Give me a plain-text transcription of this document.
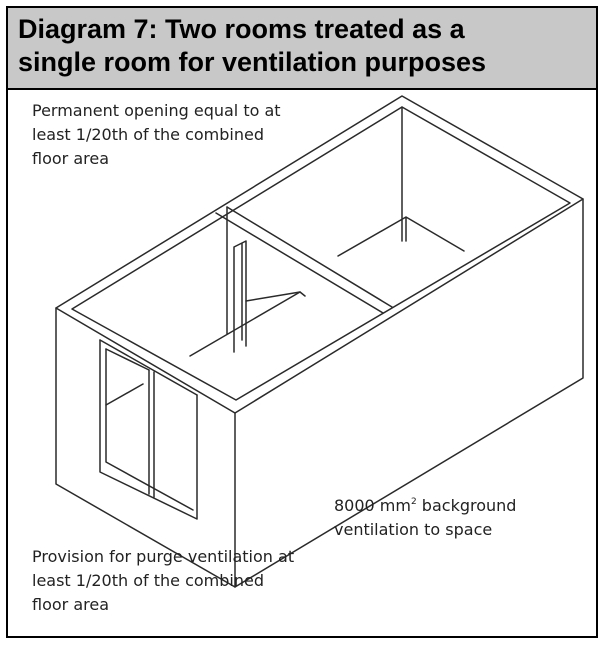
Diagram 7: Two rooms treated as a
single room for ventilation purposes
Permanent opening equal to at
least 1/20th of the combined
floor area
8000 $mm^2$ background
ventilation to space
Provision for purge ventilation at
least 1/20th of the combined
floor area
